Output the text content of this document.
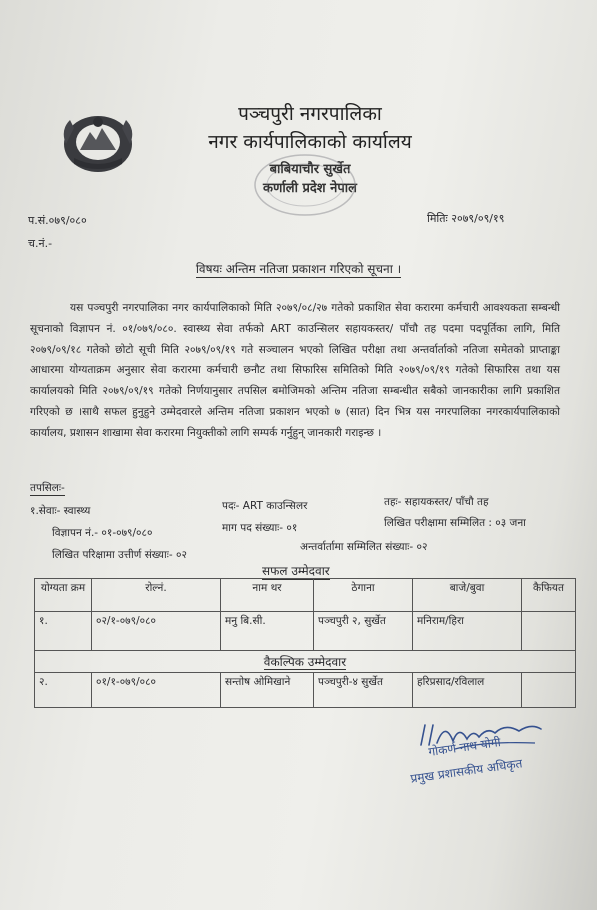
पञ्चपुरी नगरपालिका
नगर कार्यपालिकाको कार्यालय
बाबियाचौर सुर्खेत
कर्णाली प्रदेश नेपाल
प.सं.०७९/०८०
च.नं.-
मितिः २०७९/०९/१९
विषयः अन्तिम नतिजा प्रकाशन गरिएको सूचना ।
यस पञ्चपुरी नगरपालिका नगर कार्यपालिकाको मिति २०७९/०८/२७ गतेको प्रकाशित सेवा करारमा कर्मचारी आवश्यकता सम्बन्धी सूचनाको विज्ञापन नं. ०१/०७९/०८०. स्वास्थ्य सेवा तर्फको ART काउन्सिलर सहायकस्तर/ पाँचौ तह पदमा पदपूर्तिका लागि, मिति २०७९/०९/१८ गतेको छोटो सूची मिति २०७९/०९/१९ गते सञ्चालन भएको लिखित परीक्षा तथा अन्तर्वार्ताको नतिजा समेतको प्राप्ताङ्का आधारमा योग्यताक्रम अनुसार सेवा करारमा कर्मचारी छनौट तथा सिफारिस समितिको मिति २०७९/०९/१९ गतेको सिफारिस तथा यस कार्यालयको मिति २०७९/०९/१९ गतेको निर्णयानुसार तपसिल बमोजिमको अन्तिम नतिजा सम्बन्धीत सबैको जानकारीका लागि प्रकाशित गरिएको छ ।साथै सफल हुनुहुने उम्मेदवारले अन्तिम नतिजा प्रकाशन भएको ७ (सात) दिन भित्र यस नगरपालिका नगरकार्यपालिकाको कार्यालय, प्रशासन शाखामा सेवा करारमा नियुक्तीको लागि सम्पर्क गर्नुहुन् जानकारी गराइन्छ ।
तपसिलः-
१.सेवाः- स्वास्थ्य	पदः- ART काउन्सिलर	तहः- सहायकस्तर/ पाँचौ तह
विज्ञापन नं.- ०१-०७९/०८०	माग पद संख्याः- ०१	लिखित परीक्षामा सम्मिलित : ०३ जना
लिखित परिक्षामा उत्तीर्ण संख्याः- ०२
अन्तर्वार्तामा सम्मिलित संख्याः- ०२
सफल उम्मेदवार
योग्यता क्रम	रोल्नं.	नाम थर	ठेगाना	बाजे/बुवा	कैफियत
१.	०२/१-०७९/०८०	मनु बि.सी.	पञ्चपुरी २, सुर्खेत	मनिराम/हिरा	
वैकल्पिक उम्मेदवार					
२.	०१/१-०७९/०८०	सन्तोष ओमिखाने	पञ्चपुरी-४ सुर्खेत	हरिप्रसाद/रविलाल	
गोकर्ण नाथ योगी
प्रमुख प्रशासकीय अधिकृत
